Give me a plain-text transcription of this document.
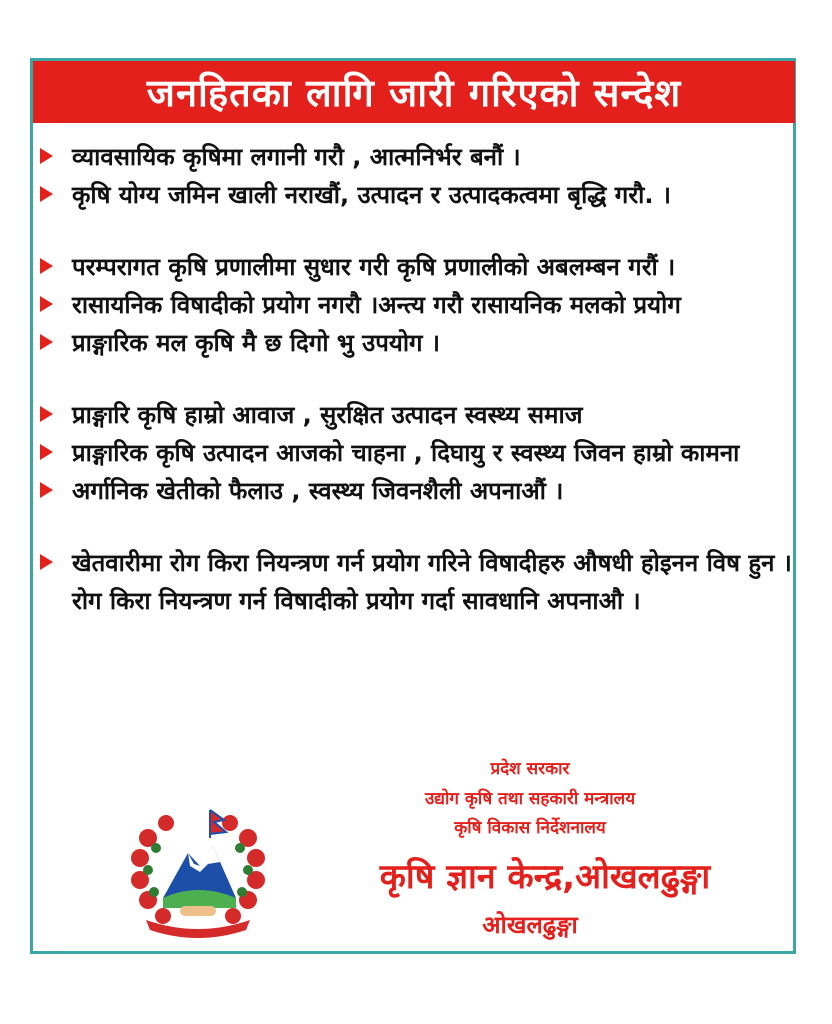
जनहितका लागि जारी गरिएको सन्देश

व्यावसायिक कृषिमा लगानी गरौ , आत्मनिर्भर बनौं ।

कृषि योग्य जमिन खाली नराखौं, उत्पादन र उत्पादकत्वमा बृद्धि गरौ. ।

परम्परागत कृषि प्रणालीमा सुधार गरी कृषि प्रणालीको अबलम्बन गरौं ।

रासायनिक विषादीको प्रयोग नगरौ ।अन्त्य गरौ रासायनिक मलको प्रयोग

प्राङ्गारिक मल कृषि मै छ दिगो भु उपयोग ।

प्राङ्गारि कृषि हाम्रो आवाज , सुरक्षित उत्पादन स्वस्थ्य समाज

प्राङ्गारिक कृषि उत्पादन आजको चाहना , दिघायु र स्वस्थ्य जिवन हाम्रो कामना

अर्गानिक खेतीको फैलाउ , स्वस्थ्य जिवनशैली अपनाऔं ।

खेतवारीमा रोग किरा नियन्त्रण गर्न प्रयोग गरिने विषादीहरु औषधी होइनन विष हुन । रोग किरा नियन्त्रण गर्न विषादीको प्रयोग गर्दा सावधानि अपनाऔ ।

प्रदेश सरकार
उद्योग कृषि तथा सहकारी मन्त्रालय
कृषि विकास निर्देशनालय
कृषि ज्ञान केन्द्र,ओखलढुङ्गा
ओखलढुङ्गा
